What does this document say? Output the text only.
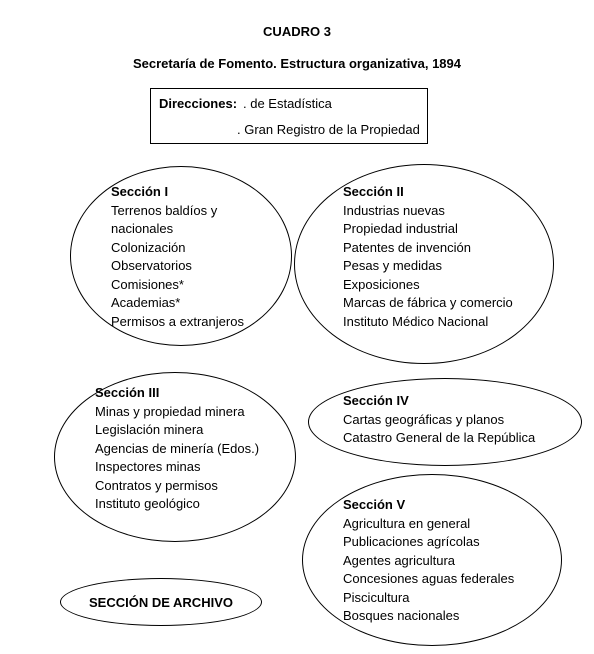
CUADRO 3
Secretaría de Fomento. Estructura organizativa, 1894
Direcciones: . de Estadística
. Gran Registro de la Propiedad
Sección I
Terrenos baldíos y
nacionales
Colonización
Observatorios
Comisiones*
Academias*
Permisos a extranjeros
Sección II
Industrias nuevas
Propiedad industrial
Patentes de invención
Pesas y medidas
Exposiciones
Marcas de fábrica y comercio
Instituto Médico Nacional
Sección III
Minas y propiedad minera
Legislación minera
Agencias de minería (Edos.)
Inspectores minas
Contratos y permisos
Instituto geológico
Sección IV
Cartas geográficas y planos
Catastro General de la República
Sección V
Agricultura en general
Publicaciones agrícolas
Agentes agricultura
Concesiones aguas federales
Piscicultura
Bosques nacionales
SECCIÓN DE ARCHIVO
